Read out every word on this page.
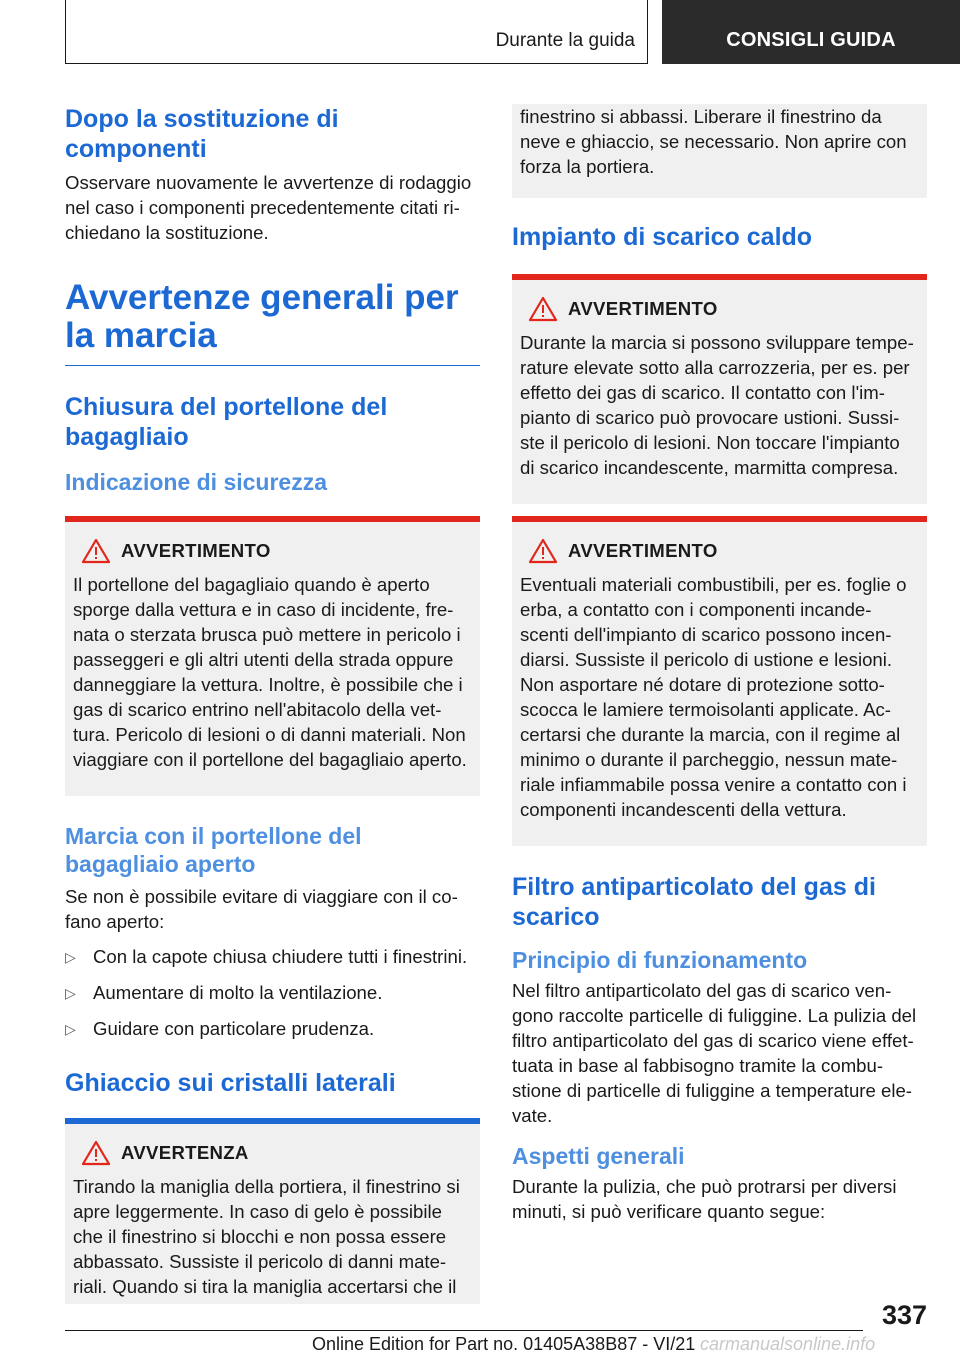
Durante la guida	CONSIGLI GUIDA
Dopo la sostituzione di componenti

Osservare nuovamente le avvertenze di rodaggio nel caso i componenti precedentemente citati ri-chiedano la sostituzione.

Avvertenze generali per la marcia
Chiusura del portellone del bagagliaio
Indicazione di sicurezza
AVVERTIMENTO

Il portellone del bagagliaio quando è aperto sporge dalla vettura e in caso di incidente, fre-nata o sterzata brusca può mettere in pericolo i passeggeri e gli altri utenti della strada oppure danneggiare la vettura. Inoltre, è possibile che i gas di scarico entrino nell'abitacolo della vet-tura. Pericolo di lesioni o di danni materiali. Non viaggiare con il portellone del bagagliaio aperto.

Marcia con il portellone del bagagliaio aperto

Se non è possibile evitare di viaggiare con il co-fano aperto:

▷ Con la capote chiusa chiudere tutti i finestrini.
▷ Aumentare di molto la ventilazione.
▷ Guidare con particolare prudenza.
Ghiaccio sui cristalli laterali
AVVERTENZA

Tirando la maniglia della portiera, il finestrino si apre leggermente. In caso di gelo è possibile che il finestrino si blocchi e non possa essere abbassato. Sussiste il pericolo di danni mate-riali. Quando si tira la maniglia accertarsi che il

finestrino si abbassi. Liberare il finestrino da neve e ghiaccio, se necessario. Non aprire con forza la portiera.

Impianto di scarico caldo
AVVERTIMENTO

Durante la marcia si possono sviluppare tempe-rature elevate sotto alla carrozzeria, per es. per effetto dei gas di scarico. Il contatto con l'im-pianto di scarico può provocare ustioni. Sussi-ste il pericolo di lesioni. Non toccare l'impianto di scarico incandescente, marmitta compresa.

AVVERTIMENTO

Eventuali materiali combustibili, per es. foglie o erba, a contatto con i componenti incande-scenti dell'impianto di scarico possono incen-diarsi. Sussiste il pericolo di ustione e lesioni. Non asportare né dotare di protezione sotto-scocca le lamiere termoisolanti applicate. Ac-certarsi che durante la marcia, con il regime al minimo o durante il parcheggio, nessun mate-riale infiammabile possa venire a contatto con i componenti incandescenti della vettura.

Filtro antiparticolato del gas di scarico
Principio di funzionamento

Nel filtro antiparticolato del gas di scarico ven-gono raccolte particelle di fuliggine. La pulizia del filtro antiparticolato del gas di scarico viene effet-tuata in base al fabbisogno tramite la combu-stione di particelle di fuliggine a temperature ele-vate.

Aspetti generali

Durante la pulizia, che può protrarsi per diversi minuti, si può verificare quanto segue:

337
Online Edition for Part no. 01405A38B87 - VI/21 carmanualsonline.info
